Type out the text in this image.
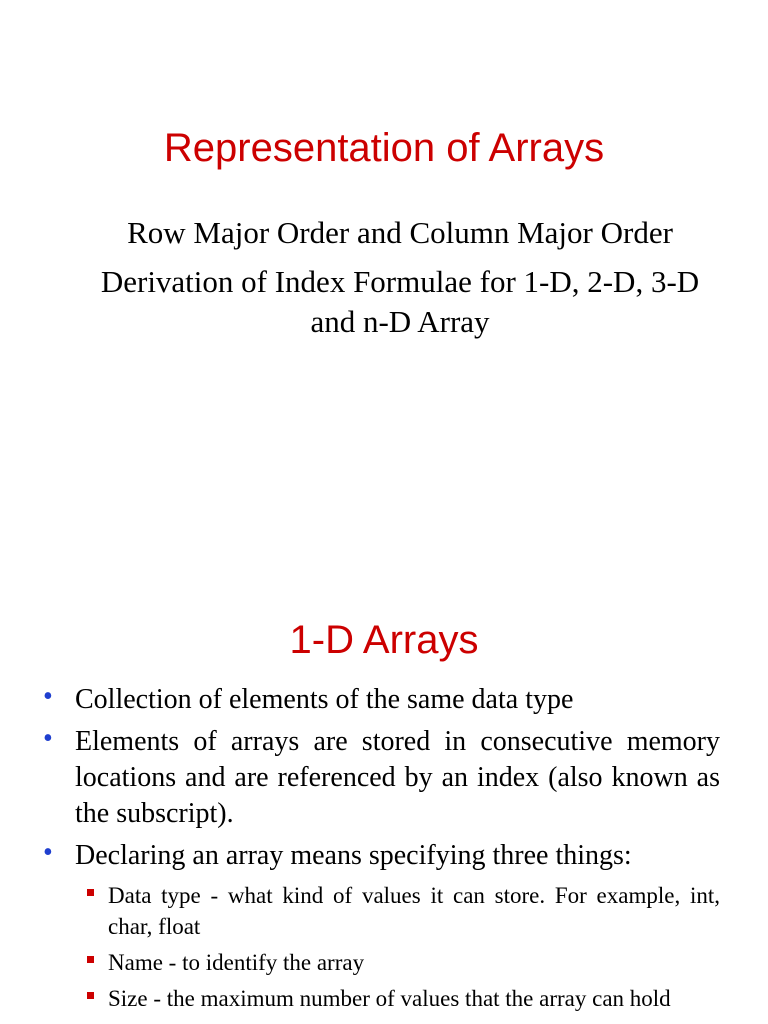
Representation of Arrays

Row Major Order and Column Major Order

Derivation of Index Formulae for 1-D, 2-D, 3-D and n-D Array

1-D Arrays
• Collection of elements of the same data type
• Elements of arrays are stored in consecutive memory locations and are referenced by an index (also known as the subscript).
• Declaring an array means specifying three things:
Data type - what kind of values it can store. For example, int, char, float
Name - to identify the array
Size - the maximum number of values that the array can hold
